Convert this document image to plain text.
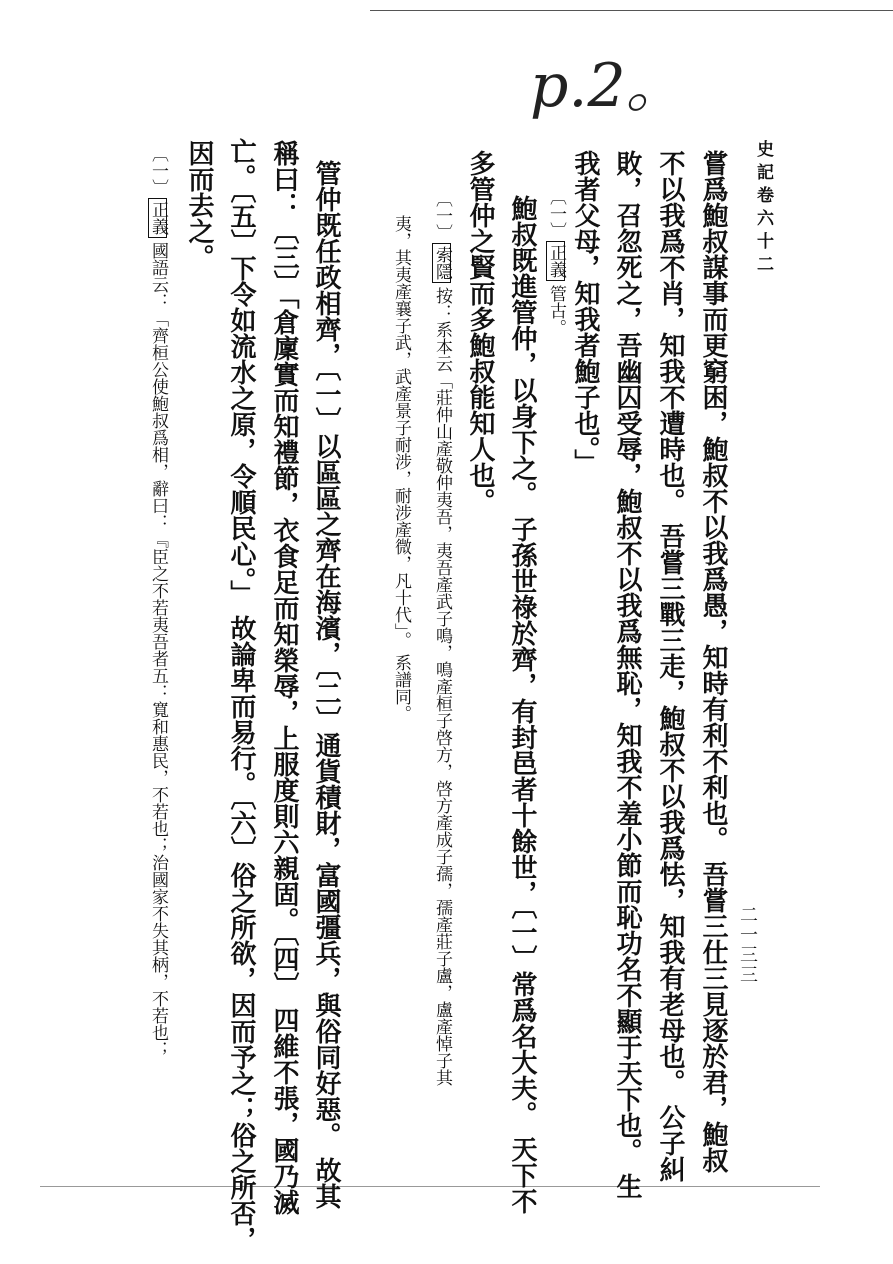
p.2。
史記卷六十二
二一三三
嘗爲鮑叔謀事而更窮困，鮑叔不以我爲愚，知時有利不利也。 吾嘗三仕三見逐於君，鮑叔
不以我爲不肖，知我不遭時也。 吾嘗三戰三走，鮑叔不以我爲怯，知我有老母也。 公子糾
敗，召忽死之，吾幽囚受辱，鮑叔不以我爲無恥，知我不羞小節而恥功名不顯于天下也。 生
我者父母，知我者鮑子也。」
〔一〕正義管古。
鮑叔既進管仲，以身下之。 子孫世祿於齊，有封邑者十餘世，〔一〕常爲名大夫。 天下不
多管仲之賢而多鮑叔能知人也。
〔一〕索隱按：系本云「莊仲山產敬仲夷吾，夷吾產武子鳴，鳴產桓子啓方，啓方產成子孺，孺產莊子盧，盧產悼子其
夷，其夷產襄子武，武產景子耐涉，耐涉產微，凡十代」。 系譜同。
管仲既任政相齊，〔一〕以區區之齊在海濱，〔二〕通貨積財，富國彊兵，與俗同好惡。 故其
稱曰：〔三〕「倉廩實而知禮節，衣食足而知榮辱，上服度則六親固。〔四〕 四維不張，國乃滅
亡。〔五〕下令如流水之原，令順民心。」 故論卑而易行。〔六〕俗之所欲，因而予之；俗之所否，
因而去之。
〔一〕正義國語云：「齊桓公使鮑叔爲相，辭曰：『臣之不若夷吾者五：寬和惠民，不若也；治國家不失其柄，不若也；
